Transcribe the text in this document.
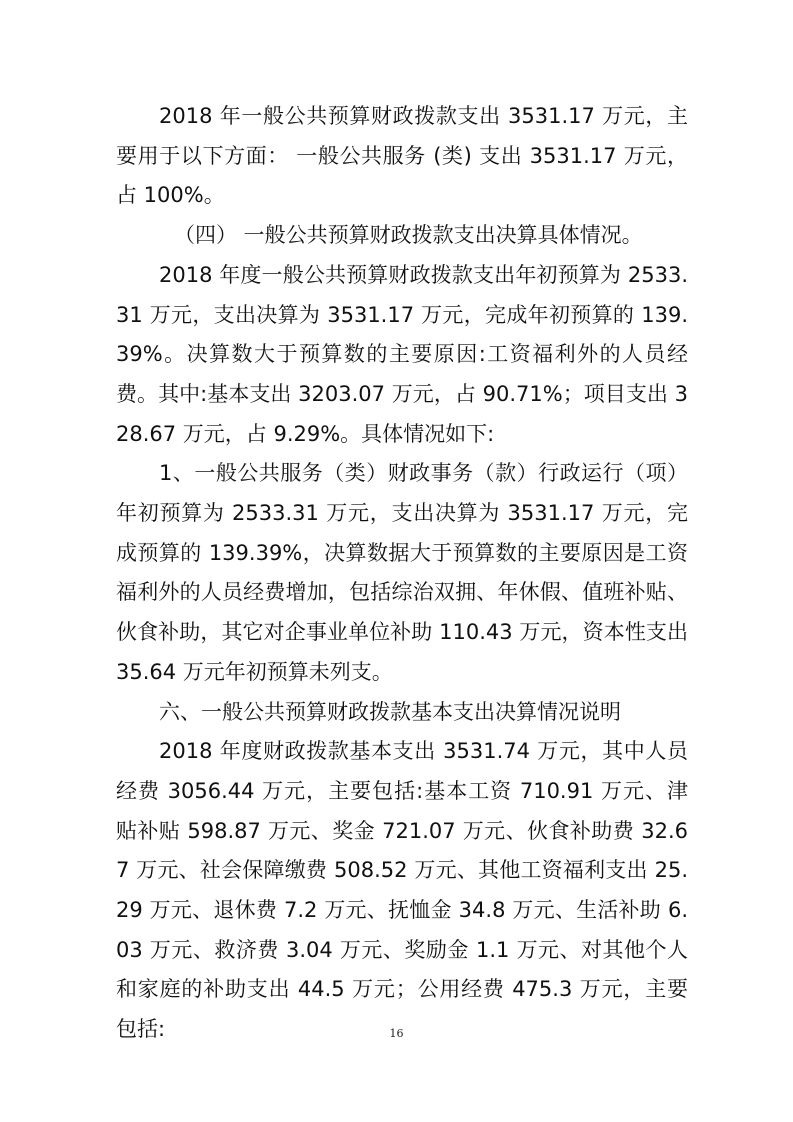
2018 年一般公共预算财政拨款支出 3531.17 万元，主要用于以下方面： 一般公共服务 (类) 支出 3531.17 万元，占 100%。

（四） 一般公共预算财政拨款支出决算具体情况。

2018 年度一般公共预算财政拨款支出年初预算为 2533.31 万元，支出决算为 3531.17 万元，完成年初预算的 139.39%。决算数大于预算数的主要原因:工资福利外的人员经费。其中:基本支出 3203.07 万元，占 90.71%；项目支出 328.67 万元，占 9.29%。具体情况如下:

1、一般公共服务（类）财政事务（款）行政运行（项）年初预算为 2533.31 万元，支出决算为 3531.17 万元，完成预算的 139.39%，决算数据大于预算数的主要原因是工资福利外的人员经费增加，包括综治双拥、年休假、值班补贴、伙食补助，其它对企事业单位补助 110.43 万元，资本性支出 35.64 万元年初预算未列支。

六、一般公共预算财政拨款基本支出决算情况说明

2018 年度财政拨款基本支出 3531.74 万元，其中人员经费 3056.44 万元，主要包括:基本工资 710.91 万元、津贴补贴 598.87 万元、奖金 721.07 万元、伙食补助费 32.67 万元、社会保障缴费 508.52 万元、其他工资福利支出 25.29 万元、退休费 7.2 万元、抚恤金 34.8 万元、生活补助 6.03 万元、救济费 3.04 万元、奖励金 1.1 万元、对其他个人和家庭的补助支出 44.5 万元；公用经费 475.3 万元，主要包括:	16
